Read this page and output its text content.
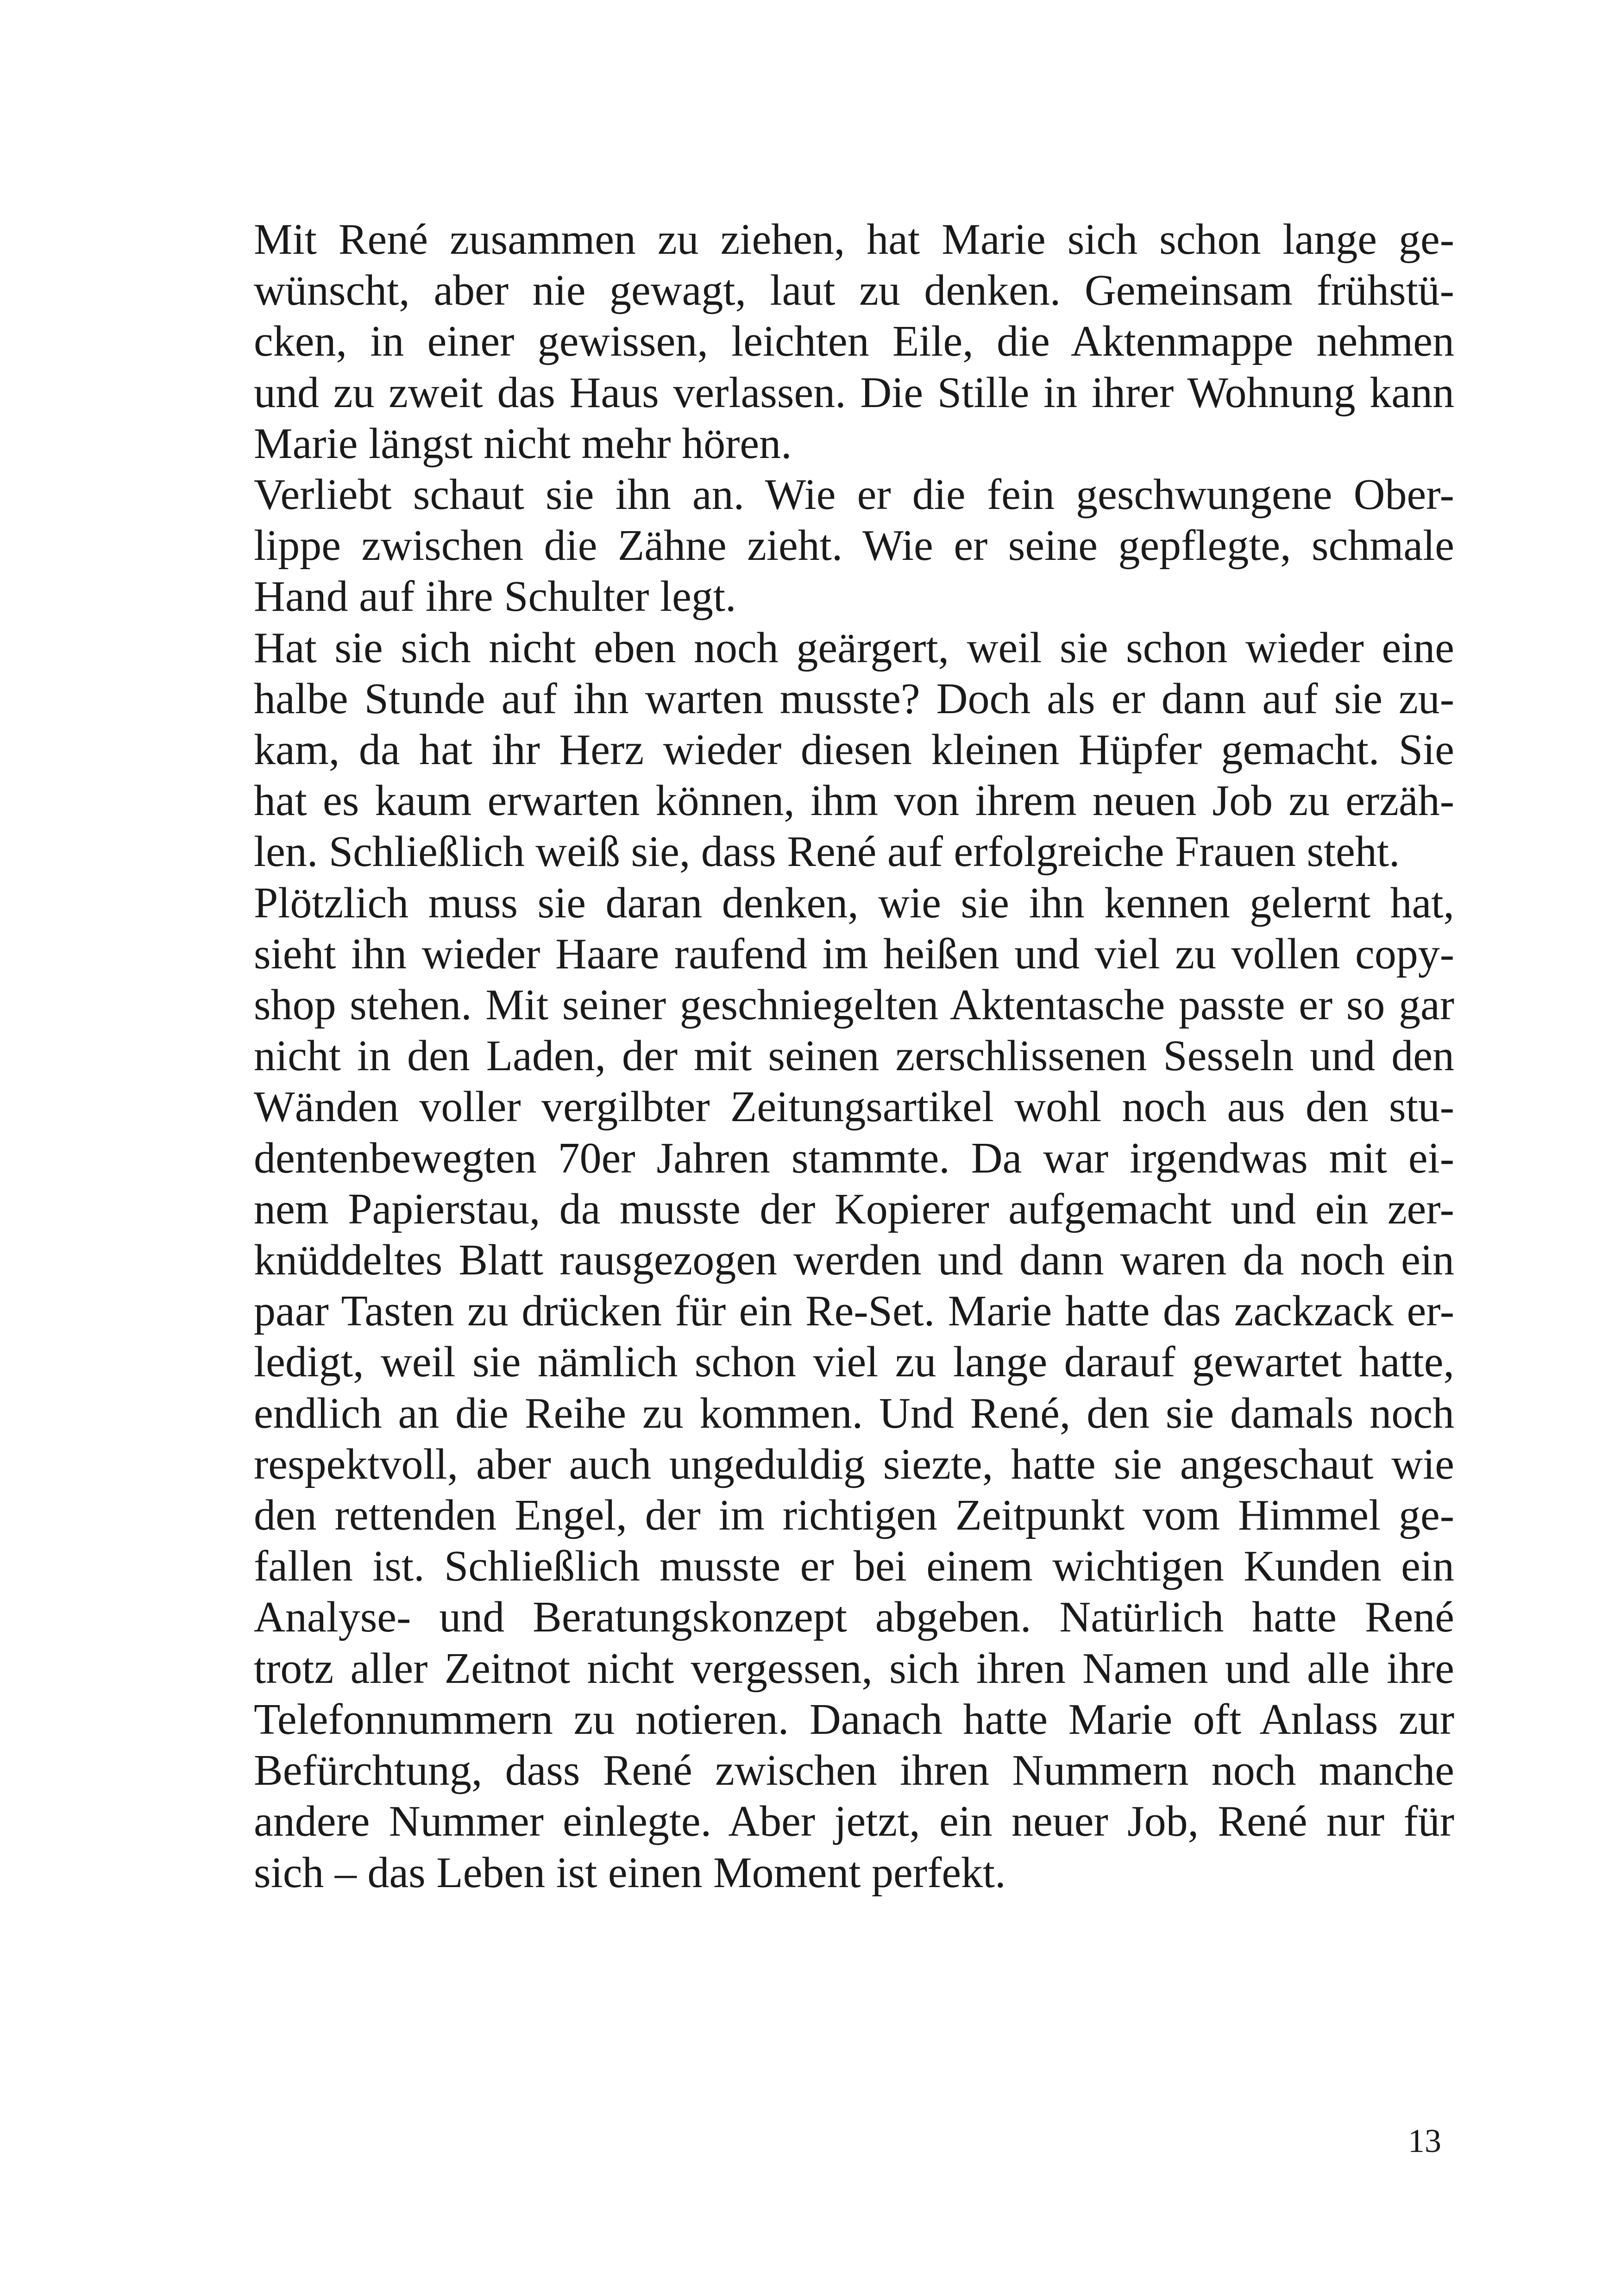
Mit René zusammen zu ziehen, hat Marie sich schon lange ge-
wünscht, aber nie gewagt, laut zu denken. Gemeinsam frühstü-
cken, in einer gewissen, leichten Eile, die Aktenmappe nehmen
und zu zweit das Haus verlassen. Die Stille in ihrer Wohnung kann
Marie längst nicht mehr hören.

Verliebt schaut sie ihn an. Wie er die fein geschwungene Ober-
lippe zwischen die Zähne zieht. Wie er seine gepflegte, schmale
Hand auf ihre Schulter legt.

Hat sie sich nicht eben noch geärgert, weil sie schon wieder eine
halbe Stunde auf ihn warten musste? Doch als er dann auf sie zu-
kam, da hat ihr Herz wieder diesen kleinen Hüpfer gemacht. Sie
hat es kaum erwarten können, ihm von ihrem neuen Job zu erzäh-
len. Schließlich weiß sie, dass René auf erfolgreiche Frauen steht.

Plötzlich muss sie daran denken, wie sie ihn kennen gelernt hat,
sieht ihn wieder Haare raufend im heißen und viel zu vollen copy-
shop stehen. Mit seiner geschniegelten Aktentasche passte er so gar
nicht in den Laden, der mit seinen zerschlissenen Sesseln und den
Wänden voller vergilbter Zeitungsartikel wohl noch aus den stu-
dentenbewegten 70er Jahren stammte. Da war irgendwas mit ei-
nem Papierstau, da musste der Kopierer aufgemacht und ein zer-
knüddeltes Blatt rausgezogen werden und dann waren da noch ein
paar Tasten zu drücken für ein Re-Set. Marie hatte das zackzack er-
ledigt, weil sie nämlich schon viel zu lange darauf gewartet hatte,
endlich an die Reihe zu kommen. Und René, den sie damals noch
respektvoll, aber auch ungeduldig siezte, hatte sie angeschaut wie
den rettenden Engel, der im richtigen Zeitpunkt vom Himmel ge-
fallen ist. Schließlich musste er bei einem wichtigen Kunden ein
Analyse- und Beratungskonzept abgeben. Natürlich hatte René
trotz aller Zeitnot nicht vergessen, sich ihren Namen und alle ihre
Telefonnummern zu notieren. Danach hatte Marie oft Anlass zur
Befürchtung, dass René zwischen ihren Nummern noch manche
andere Nummer einlegte. Aber jetzt, ein neuer Job, René nur für
sich – das Leben ist einen Moment perfekt.

13
